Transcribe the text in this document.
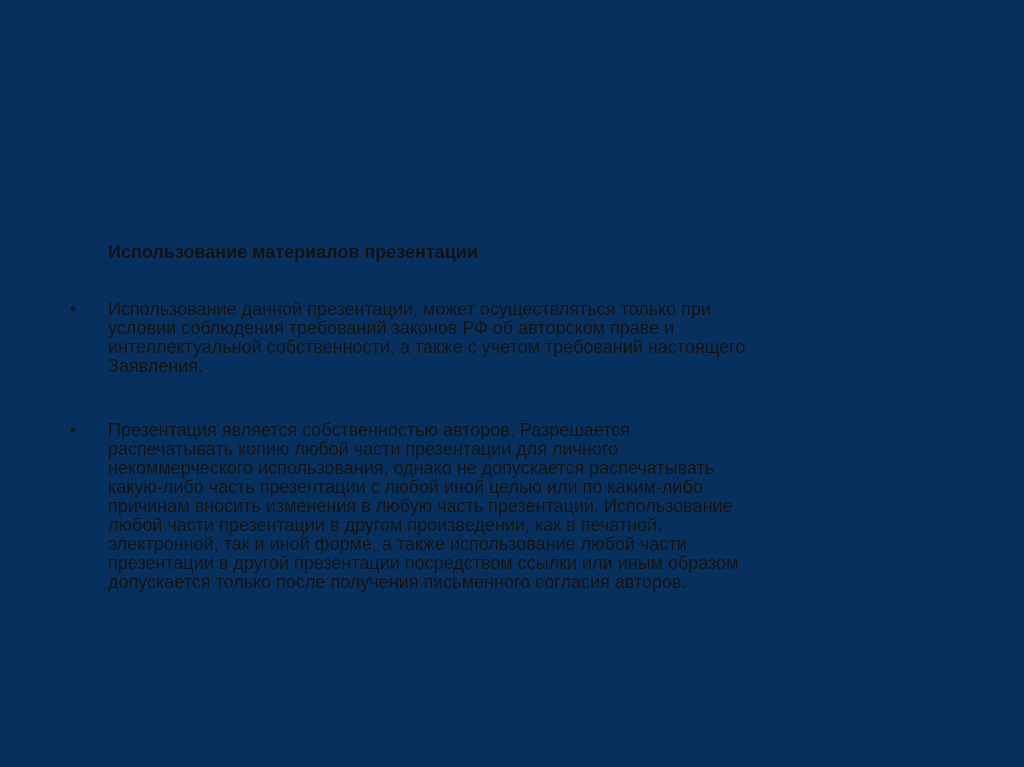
Использование материалов презентации
•	Использование данной презентации, может осуществляться только при
условии соблюдения требований законов РФ об авторском праве и
интеллектуальной собственности, а также с учетом требований настоящего
Заявления.
•	Презентация является собственностью авторов. Разрешается
распечатывать копию любой части презентации для личного
некоммерческого использования, однако не допускается распечатывать
какую-либо часть презентации с любой иной целью или по каким-либо
причинам вносить изменения в любую часть презентации. Использование
любой части презентации в другом произведении, как в печатной,
электронной, так и иной форме, а также использование любой части
презентации в другой презентации посредством ссылки или иным образом
допускается только после получения письменного согласия авторов.
